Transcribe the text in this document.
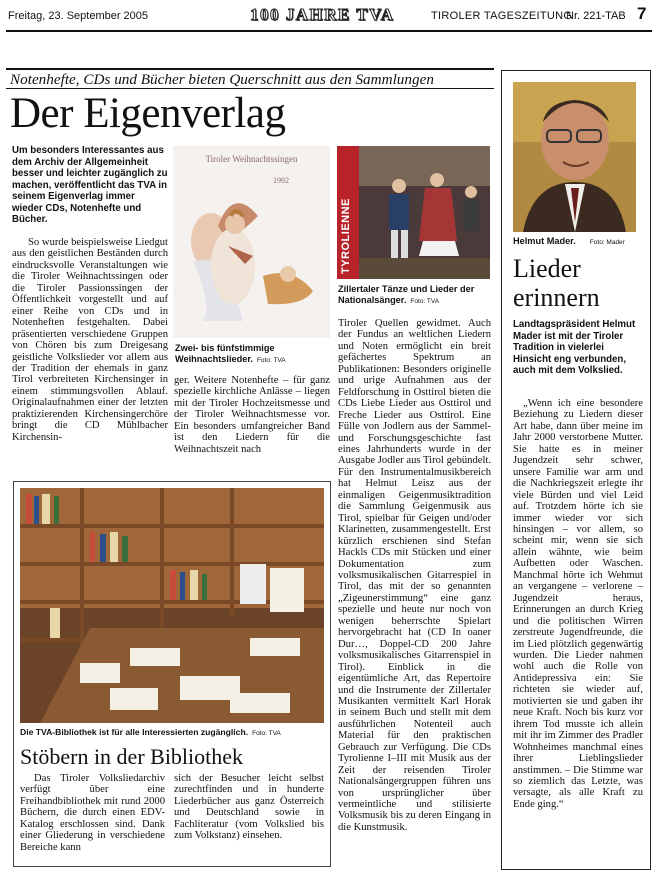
Freitag, 23. September 2005	100 JAHRE TVA	TIROLER TAGESZEITUNG
Nr. 221-TAB 7
Notenhefte, CDs und Bücher bieten Querschnitt aus den Sammlungen
Der Eigenverlag
Um besonders Interessantes aus dem Archiv der Allgemeinheit besser und leichter zugänglich zu machen, veröffentlicht das TVA in seinem Eigenverlag immer wieder CDs, Notenhefte und Bücher.
So wurde beispielsweise Liedgut aus den geistlichen Beständen durch eindrucksvolle Veranstaltungen wie die Tiroler Weihnachtssingen oder die Tiroler Passionssingen der Öffentlichkeit vorgestellt und auf einer Reihe von CDs und in Notenheften festgehalten. Dabei präsentierten verschiedene Gruppen von Chören bis zum Dreigesang geistliche Volkslieder vor allem aus der Tradition der ehemals in ganz Tirol verbreiteten Kirchensinger in einem stimmungsvollen Ablauf. Originalaufnahmen einer der letzten praktizierenden Kirchensingerchöre bringt die CD Mühlbacher Kirchensin-
Tiroler Weihnachtssingen
1992
Zwei- bis fünfstimmige Weihnachtslieder. Foto: TVA
TYROLIENNE
Zillertaler Tänze und Lieder der Nationalsänger. Foto: TVA
ger. Weitere Notenhefte – für ganz spezielle kirchliche Anlässe – liegen mit der Tiroler Hochzeitsmesse und der Tiroler Weihnachtsmesse vor. Ein besonders umfangreicher Band ist den Liedern für die Weihnachtszeit nach
Tiroler Quellen gewidmet. Auch der Fundus an weltlichen Liedern und Noten ermöglicht ein breit gefächertes Spektrum an Publikationen: Besonders originelle und urige Aufnahmen aus der Feldforschung in Osttirol bieten die CDs Liebe Lieder aus Osttirol und Freche Lieder aus Osttirol. Eine Fülle von Jodlern aus der Sammel- und Forschungsgeschichte fast eines Jahrhunderts wurde in der Ausgabe Jodler aus Tirol gebündelt. Für den Instrumentalmusikbereich hat Helmut Leisz aus der einmaligen Geigenmusiktradition die Sammlung Geigenmusik aus Tirol, spielbar für Geigen und/oder Klarinetten, zusammengestellt. Erst kürzlich erschienen sind Stefan Hackls CDs mit Stücken und einer Dokumentation zum volksmusikalischen Gitarrespiel in Tirol, das mit der so genannten „Zigeunerstimmung“ eine ganz spezielle und heute nur noch von wenigen beherrschte Spielart hervorgebracht hat (CD In oaner Dur…, Doppel-CD 200 Jahre volksmusikalisches Gitarrenspiel in Tirol). Einblick in die eigentümliche Art, das Repertoire und die Instrumente der Zillertaler Musikanten vermittelt Karl Horak in seinem Buch und stellt mit dem ausführlichen Notenteil auch Material für den praktischen Gebrauch zur Verfügung. Die CDs Tyrolienne I–III mit Musik aus der Zeit der reisenden Tiroler Nationalsängergruppen führen uns von ursprünglicher über vermeintliche und stilisierte Volksmusik bis zu deren Eingang in die Kunstmusik.
Die TVA-Bibliothek ist für alle Interessierten zugänglich. Foto: TVA
Stöbern in der Bibliothek
Das Tiroler Volksliedarchiv verfügt über eine Freihandbibliothek mit rund 2000 Büchern, die durch einen EDV-Katalog erschlossen sind. Dank einer Gliederung in verschiedene Bereiche kann
sich der Besucher leicht selbst zurechtfinden und in hunderte Liederbücher aus ganz Österreich und Deutschland sowie in Fachliteratur (vom Volkslied bis zum Volkstanz) einsehen.
Helmut Mader. Foto: Mader
Lieder
erinnern
Landtagspräsident Helmut Mader ist mit der Tiroler Tradition in vielerlei Hinsicht eng verbunden, auch mit dem Volkslied.
„Wenn ich eine besondere Beziehung zu Liedern dieser Art habe, dann über meine im Jahr 2000 verstorbene Mutter. Sie hatte es in meiner Jugendzeit sehr schwer, unsere Familie war arm und die Nachkriegszeit erlegte ihr viele Bürden und viel Leid auf. Trotzdem hörte ich sie immer wieder vor sich hinsingen – vor allem, so scheint mir, wenn sie sich allein wähnte, wie beim Aufbetten oder Waschen. Manchmal hörte ich Wehmut an vergangene – verlorene – Jugendzeit heraus, Erinnerungen an durch Krieg und die politischen Wirren zerstreute Jugendfreunde, die im Lied plötzlich gegenwärtig wurden. Die Lieder nahmen wohl auch die Rolle von Antidepressiva ein: Sie richteten sie wieder auf, motivierten sie und gaben ihr neue Kraft. Noch bis kurz vor ihrem Tod musste ich allein mit ihr im Zimmer des Pradler Wohnheimes manchmal eines ihrer Lieblingslieder anstimmen. – Die Stimme war so ziemlich das Letzte, was versagte, als alle Kraft zu Ende ging.“
